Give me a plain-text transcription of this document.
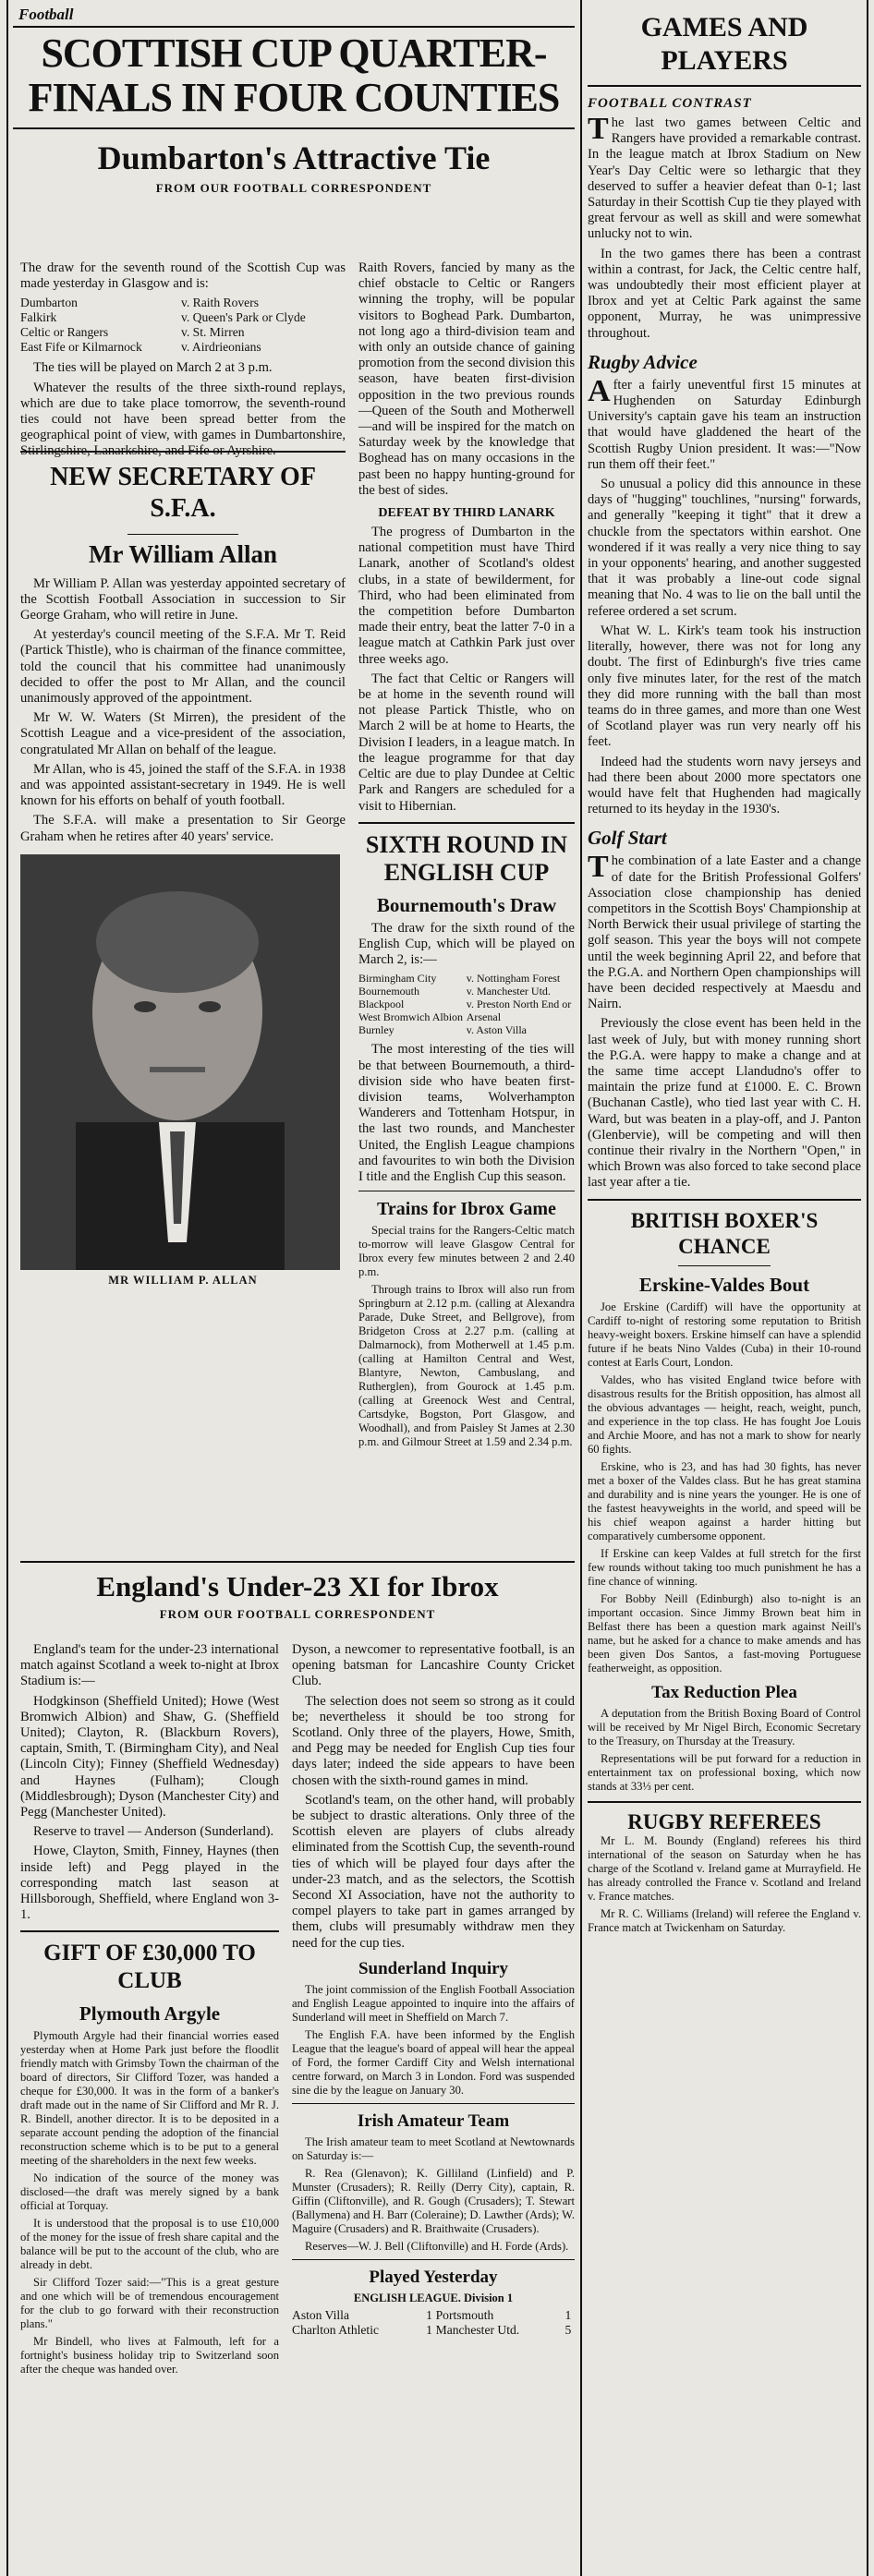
Football
SCOTTISH CUP QUARTER-FINALS IN FOUR COUNTIES
Dumbarton's Attractive Tie
FROM OUR FOOTBALL CORRESPONDENT

The draw for the seventh round of the Scottish Cup was made yesterday in Glasgow and is:

Dumbarton	v. Raith Rovers
Falkirk	v. Queen's Park or Clyde
Celtic or Rangers	v. St. Mirren
East Fife or Kilmarnock	v. Airdrieonians

The ties will be played on March 2 at 3 p.m.

Whatever the results of the three sixth-round replays, which are due to take place tomorrow, the seventh-round ties could not have been spread better from the geographical point of view, with games in Dumbartonshire, Stirlingshire, Lanarkshire, and Fife or Ayrshire.

NEW SECRETARY OF S.F.A.
Mr William Allan

Mr William P. Allan was yesterday appointed secretary of the Scottish Football Association in succession to Sir George Graham, who will retire in June.

At yesterday's council meeting of the S.F.A. Mr T. Reid (Partick Thistle), who is chairman of the finance committee, told the council that his committee had unanimously decided to offer the post to Mr Allan, and the council unanimously approved of the appointment.

Mr W. W. Waters (St Mirren), the president of the Scottish League and a vice-president of the association, congratulated Mr Allan on behalf of the league.

Mr Allan, who is 45, joined the staff of the S.F.A. in 1938 and was appointed assistant-secretary in 1949. He is well known for his efforts on behalf of youth football.

The S.F.A. will make a presentation to Sir George Graham when he retires after 40 years' service.

MR WILLIAM P. ALLAN

Raith Rovers, fancied by many as the chief obstacle to Celtic or Rangers winning the trophy, will be popular visitors to Boghead Park. Dumbarton, not long ago a third-division team and with only an outside chance of gaining promotion from the second division this season, have beaten first-division opposition in the two previous rounds—Queen of the South and Motherwell—and will be inspired for the match on Saturday week by the knowledge that Boghead has on many occasions in the past been no happy hunting-ground for the best of sides.

DEFEAT BY THIRD LANARK

The progress of Dumbarton in the national competition must have Third Lanark, another of Scotland's oldest clubs, in a state of bewilderment, for Third, who had been eliminated from the competition before Dumbarton made their entry, beat the latter 7-0 in a league match at Cathkin Park just over three weeks ago.

The fact that Celtic or Rangers will be at home in the seventh round will not please Partick Thistle, who on March 2 will be at home to Hearts, the Division I leaders, in a league match. In the league programme for that day Celtic are due to play Dundee at Celtic Park and Rangers are scheduled for a visit to Hibernian.

SIXTH ROUND IN ENGLISH CUP
Bournemouth's Draw

The draw for the sixth round of the English Cup, which will be played on March 2, is:—

Birmingham City	v. Nottingham Forest
Bournemouth	v. Manchester Utd.
Blackpool	v. Preston North End or
West Bromwich Albion	Arsenal
Burnley	v. Aston Villa

The most interesting of the ties will be that between Bournemouth, a third-division side who have beaten first-division teams, Wolverhampton Wanderers and Tottenham Hotspur, in the last two rounds, and Manchester United, the English League champions and favourites to win both the Division I title and the English Cup this season.

Trains for Ibrox Game

Special trains for the Rangers-Celtic match to-morrow will leave Glasgow Central for Ibrox every few minutes between 2 and 2.40 p.m.

Through trains to Ibrox will also run from Springburn at 2.12 p.m. (calling at Alexandra Parade, Duke Street, and Bellgrove), from Bridgeton Cross at 2.27 p.m. (calling at Dalmarnock), from Motherwell at 1.45 p.m. (calling at Hamilton Central and West, Blantyre, Newton, Cambuslang, and Rutherglen), from Gourock at 1.45 p.m. (calling at Greenock West and Central, Cartsdyke, Bogston, Port Glasgow, and Woodhall), and from Paisley St James at 2.30 p.m. and Gilmour Street at 1.59 and 2.34 p.m.

England's Under-23 XI for Ibrox
FROM OUR FOOTBALL CORRESPONDENT

England's team for the under-23 international match against Scotland a week to-night at Ibrox Stadium is:—

Hodgkinson (Sheffield United); Howe (West Bromwich Albion) and Shaw, G. (Sheffield United); Clayton, R. (Blackburn Rovers), captain, Smith, T. (Birmingham City), and Neal (Lincoln City); Finney (Sheffield Wednesday) and Haynes (Fulham); Clough (Middlesbrough); Dyson (Manchester City) and Pegg (Manchester United).

Reserve to travel — Anderson (Sunderland).

Howe, Clayton, Smith, Finney, Haynes (then inside left) and Pegg played in the corresponding match last season at Hillsborough, Sheffield, where England won 3-1.

GIFT OF £30,000 TO CLUB
Plymouth Argyle

Plymouth Argyle had their financial worries eased yesterday when at Home Park just before the floodlit friendly match with Grimsby Town the chairman of the board of directors, Sir Clifford Tozer, was handed a cheque for £30,000. It was in the form of a banker's draft made out in the name of Sir Clifford and Mr R. J. R. Bindell, another director. It is to be deposited in a separate account pending the adoption of the financial reconstruction scheme which is to be put to a general meeting of the shareholders in the next few weeks.

No indication of the source of the money was disclosed—the draft was merely signed by a bank official at Torquay.

It is understood that the proposal is to use £10,000 of the money for the issue of fresh share capital and the balance will be put to the account of the club, who are already in debt.

Sir Clifford Tozer said:—"This is a great gesture and one which will be of tremendous encouragement for the club to go forward with their reconstruction plans."

Mr Bindell, who lives at Falmouth, left for a fortnight's business holiday trip to Switzerland soon after the cheque was handed over.

Dyson, a newcomer to representative football, is an opening batsman for Lancashire County Cricket Club.

The selection does not seem so strong as it could be; nevertheless it should be too strong for Scotland. Only three of the players, Howe, Smith, and Pegg may be needed for English Cup ties four days later; indeed the side appears to have been chosen with the sixth-round games in mind.

Scotland's team, on the other hand, will probably be subject to drastic alterations. Only three of the Scottish eleven are players of clubs already eliminated from the Scottish Cup, the seventh-round ties of which will be played four days after the under-23 match, and as the selectors, the Scottish Second XI Association, have not the authority to compel players to take part in games arranged by them, clubs will presumably withdraw men they need for the cup ties.

Sunderland Inquiry

The joint commission of the English Football Association and English League appointed to inquire into the affairs of Sunderland will meet in Sheffield on March 7.

The English F.A. have been informed by the English League that the league's board of appeal will hear the appeal of Ford, the former Cardiff City and Welsh international centre forward, on March 3 in London. Ford was suspended sine die by the league on January 30.

Irish Amateur Team

The Irish amateur team to meet Scotland at Newtownards on Saturday is:—

R. Rea (Glenavon); K. Gilliland (Linfield) and P. Munster (Crusaders); R. Reilly (Derry City), captain, R. Giffin (Cliftonville), and R. Gough (Crusaders); T. Stewart (Ballymena) and H. Barr (Coleraine); D. Lawther (Ards); W. Maguire (Crusaders) and R. Braithwaite (Crusaders).

Reserves—W. J. Bell (Cliftonville) and H. Forde (Ards).

Played Yesterday
ENGLISH LEAGUE. Division 1
Aston Villa	1	Portsmouth	1
Charlton Athletic	1	Manchester Utd.	5
GAMES AND PLAYERS
FOOTBALL CONTRAST

The last two games between Celtic and Rangers have provided a remarkable contrast. In the league match at Ibrox Stadium on New Year's Day Celtic were so lethargic that they deserved to suffer a heavier defeat than 0-1; last Saturday in their Scottish Cup tie they played with great fervour as well as skill and were somewhat unlucky not to win.

In the two games there has been a contrast within a contrast, for Jack, the Celtic centre half, was undoubtedly their most efficient player at Ibrox and yet at Celtic Park against the same opponent, Murray, he was unimpressive throughout.

Rugby Advice

After a fairly uneventful first 15 minutes at Hughenden on Saturday Edinburgh University's captain gave his team an instruction that would have gladdened the heart of the Scottish Rugby Union president. It was:—"Now run them off their feet."

So unusual a policy did this announce in these days of "hugging" touchlines, "nursing" forwards, and generally "keeping it tight" that it drew a chuckle from the spectators within earshot. One wondered if it was really a very nice thing to say in your opponents' hearing, and another suggested that it was probably a line-out code signal meaning that No. 4 was to lie on the ball until the referee ordered a set scrum.

What W. L. Kirk's team took his instruction literally, however, there was not for long any doubt. The first of Edinburgh's five tries came only five minutes later, for the rest of the match they did more running with the ball than most teams do in three games, and more than one West of Scotland player was run very nearly off his feet.

Indeed had the students worn navy jerseys and had there been about 2000 more spectators one would have felt that Hughenden had magically returned to its heyday in the 1930's.

Golf Start

The combination of a late Easter and a change of date for the British Professional Golfers' Association close championship has denied competitors in the Scottish Boys' Championship at North Berwick their usual privilege of starting the golf season. This year the boys will not compete until the week beginning April 22, and before that the P.G.A. and Northern Open championships will have been decided respectively at Maesdu and Nairn.

Previously the close event has been held in the last week of July, but with money running short the P.G.A. were happy to make a change and at the same time accept Llandudno's offer to maintain the prize fund at £1000. E. C. Brown (Buchanan Castle), who tied last year with C. H. Ward, but was beaten in a play-off, and J. Panton (Glenbervie), will be competing and will then continue their rivalry in the Northern "Open," in which Brown was also forced to take second place last year after a tie.

BRITISH BOXER'S CHANCE
Erskine-Valdes Bout

Joe Erskine (Cardiff) will have the opportunity at Cardiff to-night of restoring some reputation to British heavy-weight boxers. Erskine himself can have a splendid future if he beats Nino Valdes (Cuba) in their 10-round contest at Earls Court, London.

Valdes, who has visited England twice before with disastrous results for the British opposition, has almost all the obvious advantages — height, reach, weight, punch, and experience in the top class. He has fought Joe Louis and Archie Moore, and has not a mark to show for nearly 60 fights.

Erskine, who is 23, and has had 30 fights, has never met a boxer of the Valdes class. But he has great stamina and durability and is nine years the younger. He is one of the fastest heavyweights in the world, and speed will be his chief weapon against a harder hitting but comparatively cumbersome opponent.

If Erskine can keep Valdes at full stretch for the first few rounds without taking too much punishment he has a fine chance of winning.

For Bobby Neill (Edinburgh) also to-night is an important occasion. Since Jimmy Brown beat him in Belfast there has been a question mark against Neill's name, but he asked for a chance to make amends and has been given Dos Santos, a fast-moving Portuguese featherweight, as opposition.

Tax Reduction Plea

A deputation from the British Boxing Board of Control will be received by Mr Nigel Birch, Economic Secretary to the Treasury, on Thursday at the Treasury.

Representations will be put forward for a reduction in entertainment tax on professional boxing, which now stands at 33⅓ per cent.

RUGBY REFEREES

Mr L. M. Boundy (England) referees his third international of the season on Saturday when he has charge of the Scotland v. Ireland game at Murrayfield. He has already controlled the France v. Scotland and Ireland v. France matches.

Mr R. C. Williams (Ireland) will referee the England v. France match at Twickenham on Saturday.
